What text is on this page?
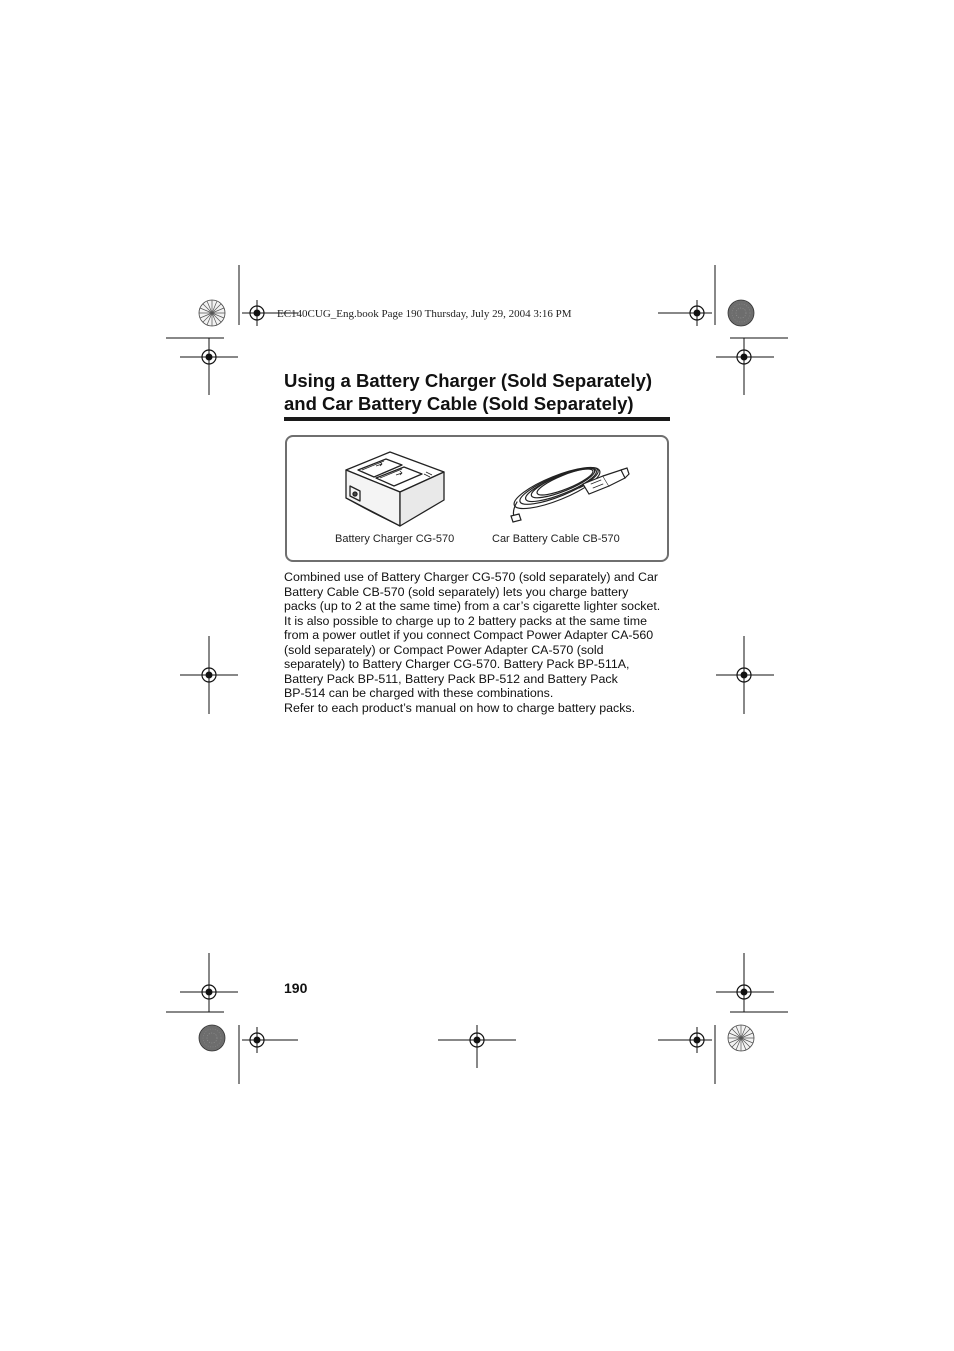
EC140CUG_Eng.book Page 190 Thursday, July 29, 2004 3:16 PM
Using a Battery Charger (Sold Separately)
and Car Battery Cable (Sold Separately)
Battery Charger CG-570	Car Battery Cable CB-570
Combined use of Battery Charger CG-570 (sold separately) and Car
Battery Cable CB-570 (sold separately) lets you charge battery
packs (up to 2 at the same time) from a car’s cigarette lighter socket.
It is also possible to charge up to 2 battery packs at the same time
from a power outlet if you connect Compact Power Adapter CA-560
(sold separately) or Compact Power Adapter CA-570 (sold
separately) to Battery Charger CG-570. Battery Pack BP-511A,
Battery Pack BP-511, Battery Pack BP-512 and Battery Pack
BP-514 can be charged with these combinations.
Refer to each product’s manual on how to charge battery packs.
190
